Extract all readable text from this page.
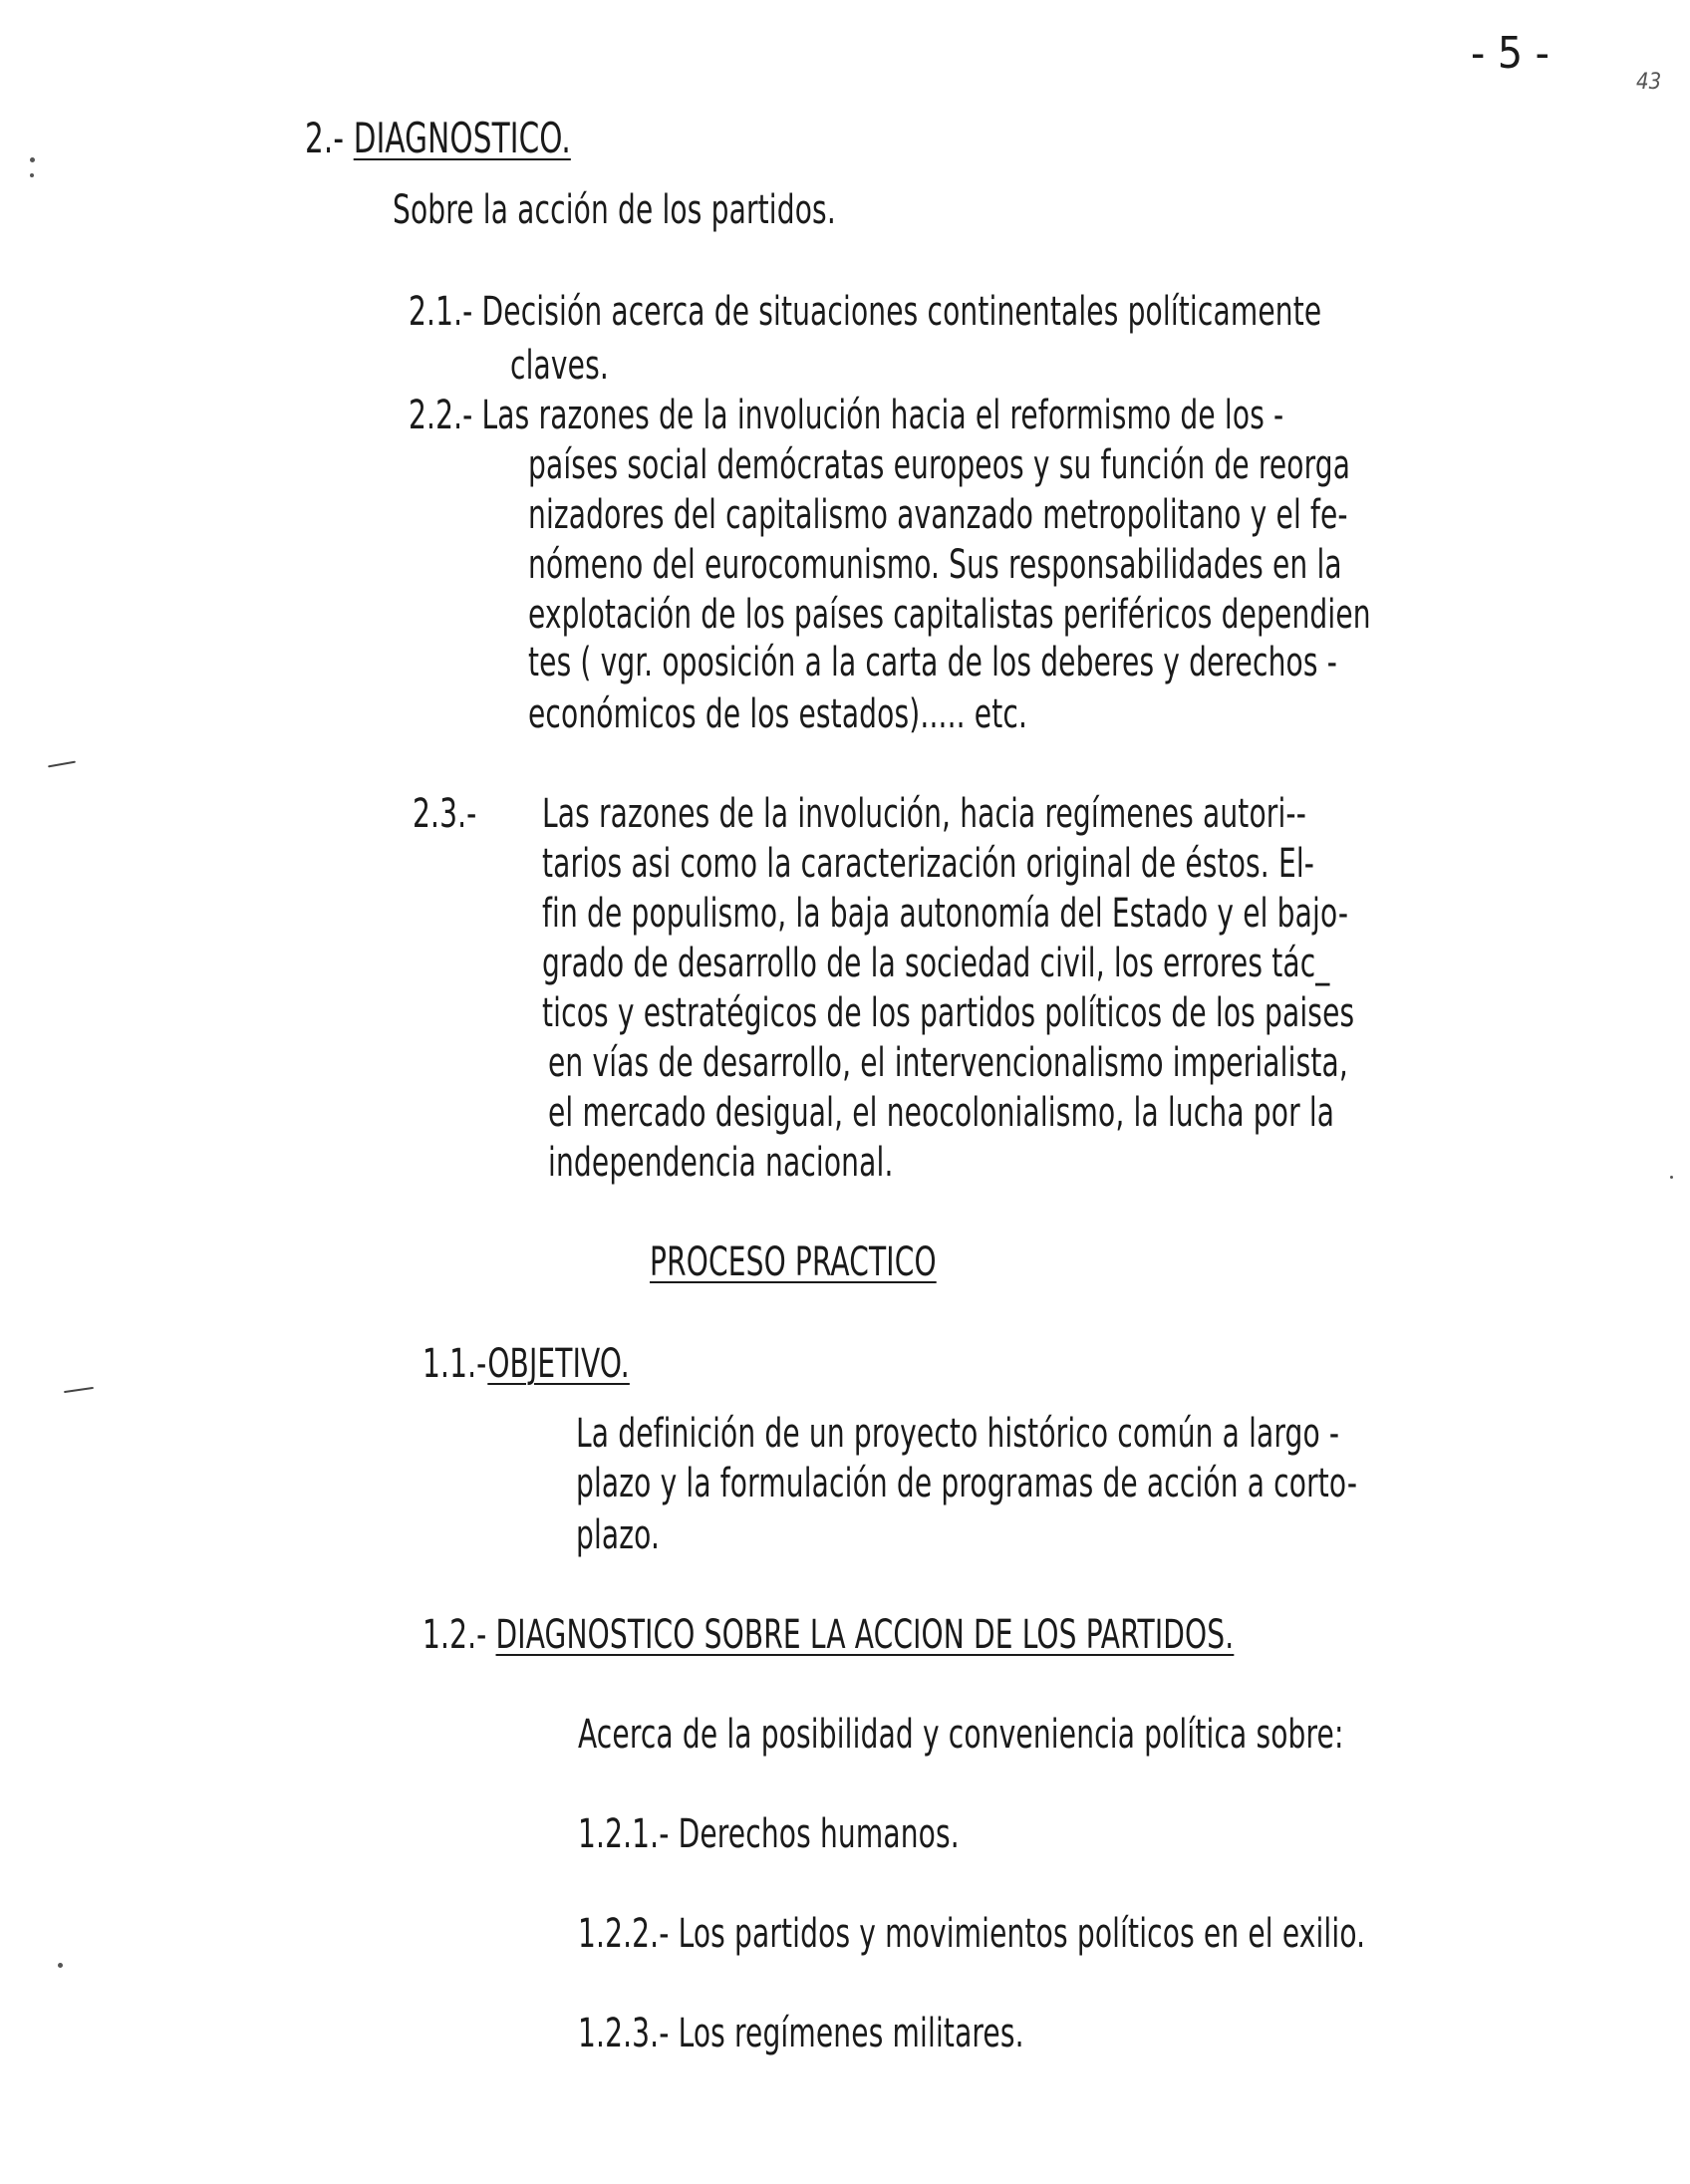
- 5 -
43
2.- DIAGNOSTICO.
Sobre la acción de los partidos.
2.1.- Decisión acerca de situaciones continentales políticamente
claves.
2.2.- Las razones de la involución hacia el reformismo de los -
países social demócratas europeos y su función de reorga
nizadores del capitalismo avanzado metropolitano y el fe-
nómeno del eurocomunismo. Sus responsabilidades en la
explotación de los países capitalistas periféricos dependien
tes ( vgr. oposición a la carta de los deberes y derechos -
económicos de los estados)..... etc.
2.3.- Las razones de la involución, hacia regímenes autori--
tarios asi como la caracterización original de éstos. El-
fin de populismo, la baja autonomía del Estado y el bajo-
grado de desarrollo de la sociedad civil, los errores tác_
ticos y estratégicos de los partidos políticos de los paises
en vías de desarrollo, el intervencionalismo imperialista,
el mercado desigual, el neocolonialismo, la lucha por la
independencia nacional.
PROCESO PRACTICO
1.1.-OBJETIVO.
La definición de un proyecto histórico común a largo -
plazo y la formulación de programas de acción a corto-
plazo.
1.2.- DIAGNOSTICO SOBRE LA ACCION DE LOS PARTIDOS.
Acerca de la posibilidad y conveniencia política sobre:
1.2.1.- Derechos humanos.
1.2.2.- Los partidos y movimientos políticos en el exilio.
1.2.3.- Los regímenes militares.
